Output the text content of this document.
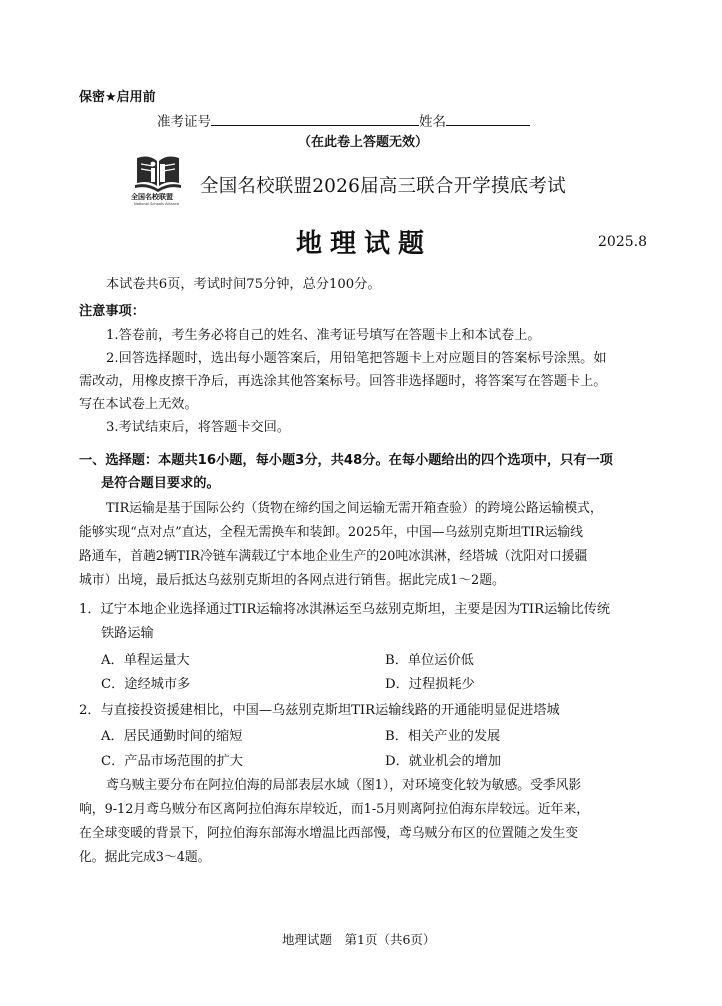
保密★启用前
准考证号	姓名
（在此卷上答题无效）
全国名校联盟
National Schools Alliance
全国名校联盟2026届高三联合开学摸底考试
地理试题	2025.8
本试卷共6页，考试时间75分钟，总分100分。
注意事项：
1.答卷前，考生务必将自己的姓名、准考证号填写在答题卡上和本试卷上。
2.回答选择题时，选出每小题答案后，用铅笔把答题卡上对应题目的答案标号涂黑。如
需改动，用橡皮擦干净后，再选涂其他答案标号。回答非选择题时，将答案写在答题卡上。
写在本试卷上无效。
3.考试结束后，将答题卡交回。
一、选择题：本题共16小题，每小题3分，共48分。在每小题给出的四个选项中，只有一项
是符合题目要求的。
TIR运输是基于国际公约（货物在缔约国之间运输无需开箱查验）的跨境公路运输模式，
能够实现“点对点”直达，全程无需换车和装卸。2025年，中国—乌兹别克斯坦TIR运输线
路通车，首趟2辆TIR冷链车满载辽宁本地企业生产的20吨冰淇淋，经塔城（沈阳对口援疆
城市）出境，最后抵达乌兹别克斯坦的各网点进行销售。据此完成1～2题。
1．辽宁本地企业选择通过TIR运输将冰淇淋运至乌兹别克斯坦，主要是因为TIR运输比传统
铁路运输
A．单程运量大	B．单位运价低
C．途经城市多	D．过程损耗少
2．与直接投资援建相比，中国—乌兹别克斯坦TIR运输线路的开通能明显促进塔城
A．居民通勤时间的缩短	B．相关产业的发展
C．产品市场范围的扩大	D．就业机会的增加
鸢乌贼主要分布在阿拉伯海的局部表层水域（图1），对环境变化较为敏感。受季风影
响，9-12月鸢乌贼分布区离阿拉伯海东岸较近，而1-5月则离阿拉伯海东岸较远。近年来，
在全球变暖的背景下，阿拉伯海东部海水增温比西部慢，鸢乌贼分布区的位置随之发生变
化。据此完成3～4题。
地理试题　第1页（共6页）
